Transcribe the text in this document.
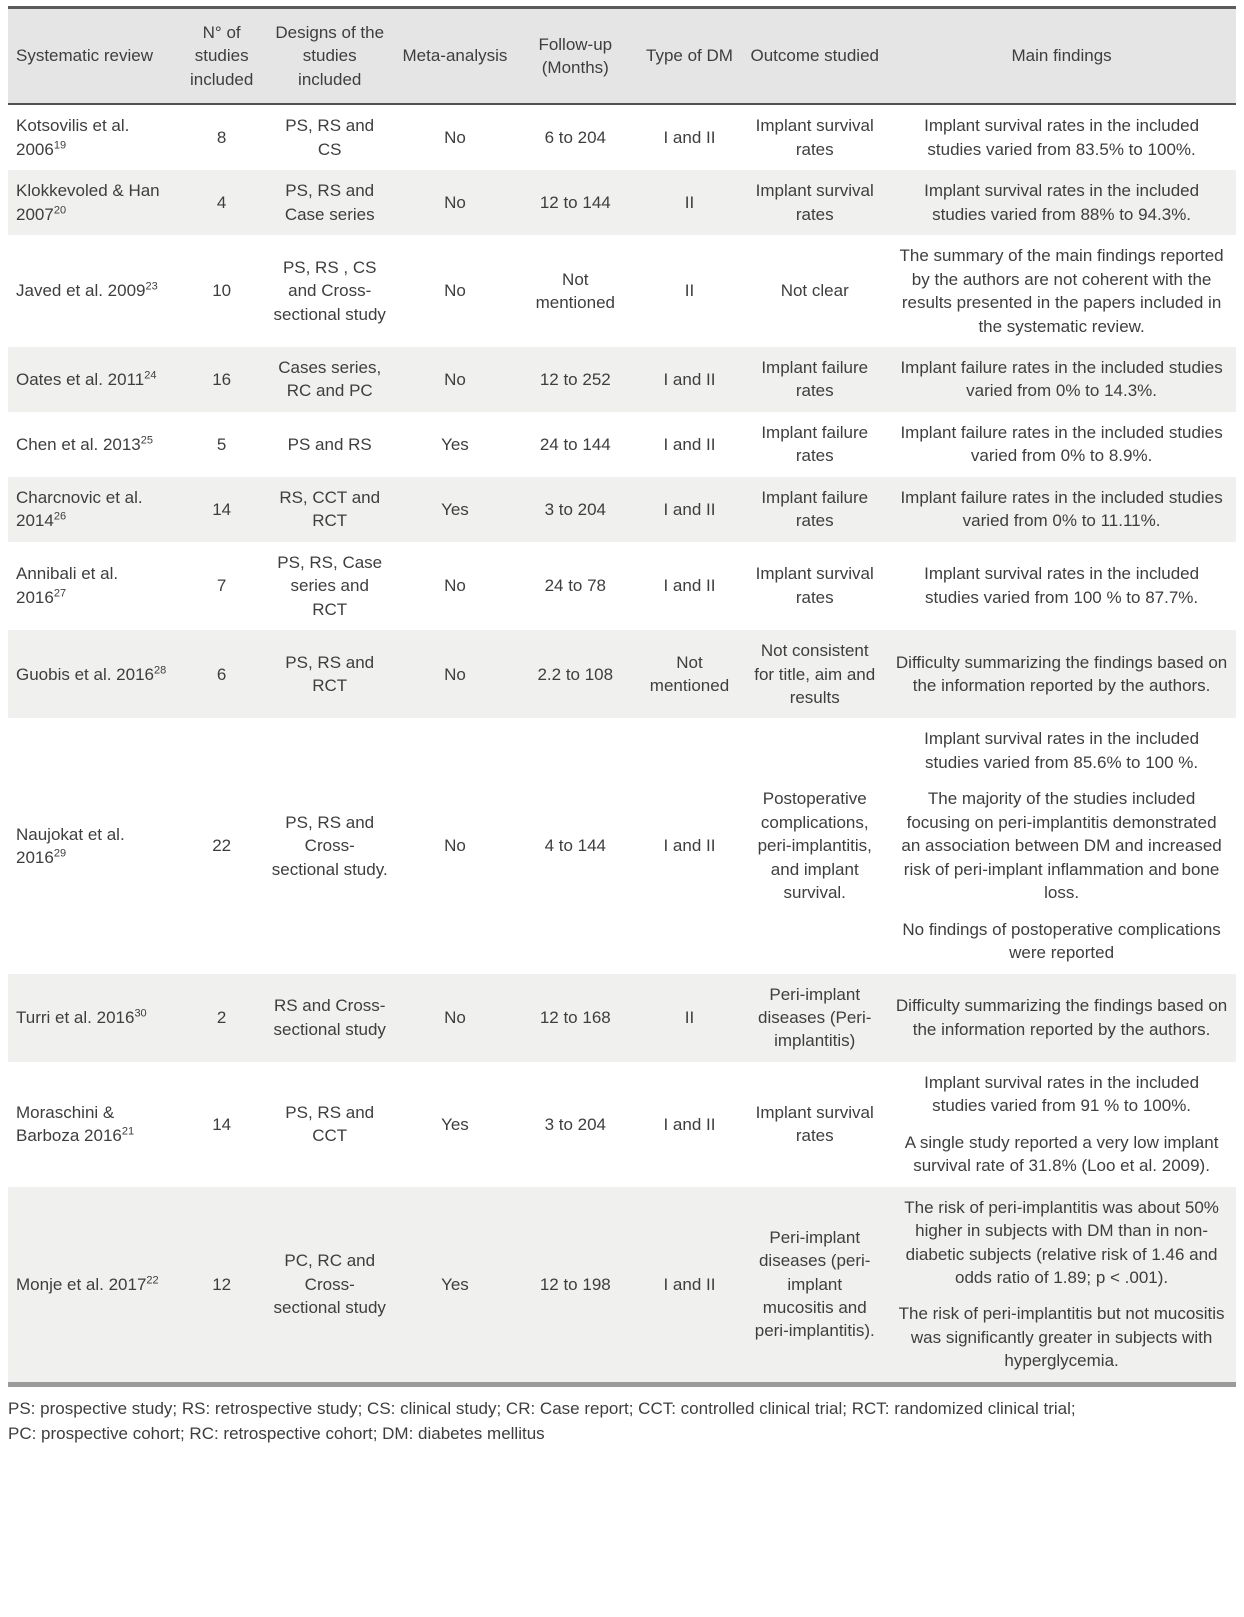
Systematic review	N° of studies included	Designs of the studies included	Meta-analysis	Follow-up (Months)	Type of DM	Outcome studied	Main findings
Kotsovilis et al. 2006$^{19}$	8	PS, RS and CS	No	6 to 204	I and II	Implant survival rates	Implant survival rates in the included studies varied from 83.5% to 100%.

Klokkevoled & Han 2007$^{20}$	4	PS, RS and Case series	No	12 to 144	II	Implant survival rates	Implant survival rates in the included studies varied from 88% to 94.3%.

Javed et al. 2009$^{23}$	10	PS, RS , CS and Cross-sectional study	No	Not mentioned	II	Not clear	The summary of the main findings reported by the authors are not coherent with the results presented in the papers included in the systematic review.

Oates et al. 2011$^{24}$	16	Cases series, RC and PC	No	12 to 252	I and II	Implant failure rates	Implant failure rates in the included studies varied from 0% to 14.3%.

Chen et al. 2013$^{25}$	5	PS and RS	Yes	24 to 144	I and II	Implant failure rates	Implant failure rates in the included studies varied from 0% to 8.9%.

Charcnovic et al. 2014$^{26}$	14	RS, CCT and RCT	Yes	3 to 204	I and II	Implant failure rates	Implant failure rates in the included studies varied from 0% to 11.11%.

Annibali et al. 2016$^{27}$	7	PS, RS, Case series and RCT	No	24 to 78	I and II	Implant survival rates	Implant survival rates in the included studies varied from 100 % to 87.7%.

Guobis et al. 2016$^{28}$	6	PS, RS and RCT	No	2.2 to 108	Not mentioned	Not consistent for title, aim and results	Difficulty summarizing the findings based on the information reported by the authors.

Naujokat et al. 2016$^{29}$	22	PS, RS and Cross-sectional study.	No	4 to 144	I and II	Postoperative complications, peri-implantitis, and implant survival.	Implant survival rates in the included studies varied from 85.6% to 100 %.

The majority of the studies included focusing on peri-implantitis demonstrated an association between DM and increased risk of peri-implant inflammation and bone loss.

No findings of postoperative complications were reported

Turri et al. 2016$^{30}$	2	RS and Cross-sectional study	No	12 to 168	II	Peri-implant diseases (Peri-implantitis)	Difficulty summarizing the findings based on the information reported by the authors.

Moraschini & Barboza 2016$^{21}$	14	PS, RS and CCT	Yes	3 to 204	I and II	Implant survival rates	Implant survival rates in the included studies varied from 91 % to 100%.

A single study reported a very low implant survival rate of 31.8% (Loo et al. 2009).

Monje et al. 2017$^{22}$	12	PC, RC and Cross-sectional study	Yes	12 to 198	I and II	Peri-implant diseases (peri-implant mucositis and peri-implantitis).	The risk of peri-implantitis was about 50% higher in subjects with DM than in non-diabetic subjects (relative risk of 1.46 and odds ratio of 1.89; p < .001).

The risk of peri-implantitis but not mucositis was significantly greater in subjects with hyperglycemia.

PS: prospective study; RS: retrospective study; CS: clinical study; CR: Case report; CCT: controlled clinical trial; RCT: randomized clinical trial;
PC: prospective cohort; RC: retrospective cohort; DM: diabetes mellitus
